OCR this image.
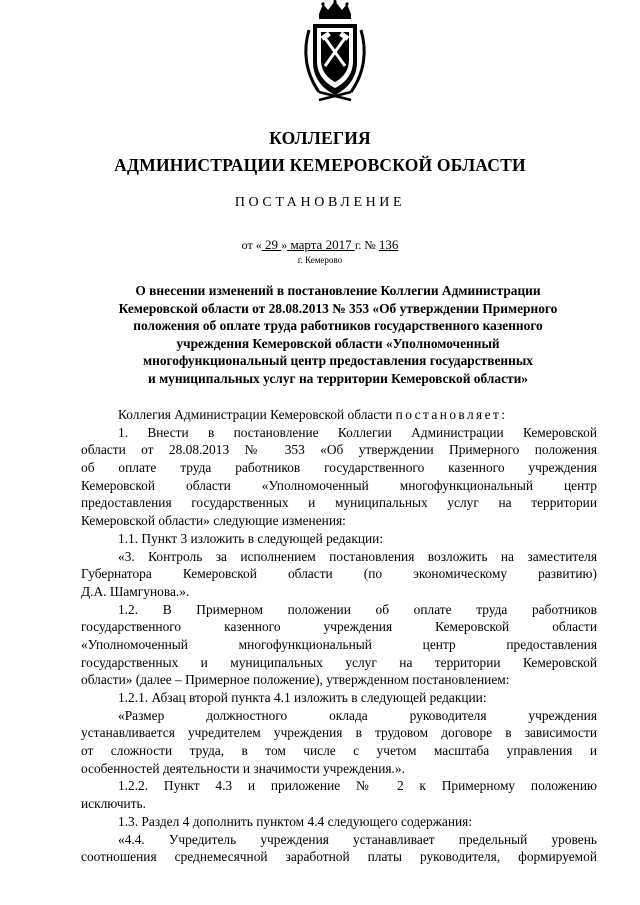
КОЛЛЕГИЯ
АДМИНИСТРАЦИИ КЕМЕРОВСКОЙ ОБЛАСТИ
ПОСТАНОВЛЕНИЕ
от « 29 » марта 2017 г. № 136
г. Кемерово
О внесении изменений в постановление Коллегии Администрации
Кемеровской области от 28.08.2013 № 353 «Об утверждении Примерного
положения об оплате труда работников государственного казенного
учреждения Кемеровской области «Уполномоченный
многофункциональный центр предоставления государственных
и муниципальных услуг на территории Кемеровской области»
Коллегия Администрации Кемеровской области постановляет:
1. Внести в постановление Коллегии Администрации Кемеровской
области от 28.08.2013 № 353 «Об утверждении Примерного положения
об оплате труда работников государственного казенного учреждения
Кемеровской области «Уполномоченный многофункциональный центр
предоставления государственных и муниципальных услуг на территории
Кемеровской области» следующие изменения:
1.1. Пункт 3 изложить в следующей редакции:
«3. Контроль за исполнением постановления возложить на заместителя
Губернатора Кемеровской области (по экономическому развитию)
Д.А. Шамгунова.».
1.2. В Примерном положении об оплате труда работников
государственного казенного учреждения Кемеровской области
«Уполномоченный многофункциональный центр предоставления
государственных и муниципальных услуг на территории Кемеровской
области» (далее – Примерное положение), утвержденном постановлением:
1.2.1. Абзац второй пункта 4.1 изложить в следующей редакции:
«Размер должностного оклада руководителя учреждения
устанавливается учредителем учреждения в трудовом договоре в зависимости
от сложности труда, в том числе с учетом масштаба управления и
особенностей деятельности и значимости учреждения.».
1.2.2. Пункт 4.3 и приложение № 2 к Примерному положению
исключить.
1.3. Раздел 4 дополнить пунктом 4.4 следующего содержания:
«4.4. Учредитель учреждения устанавливает предельный уровень
соотношения среднемесячной заработной платы руководителя, формируемой
